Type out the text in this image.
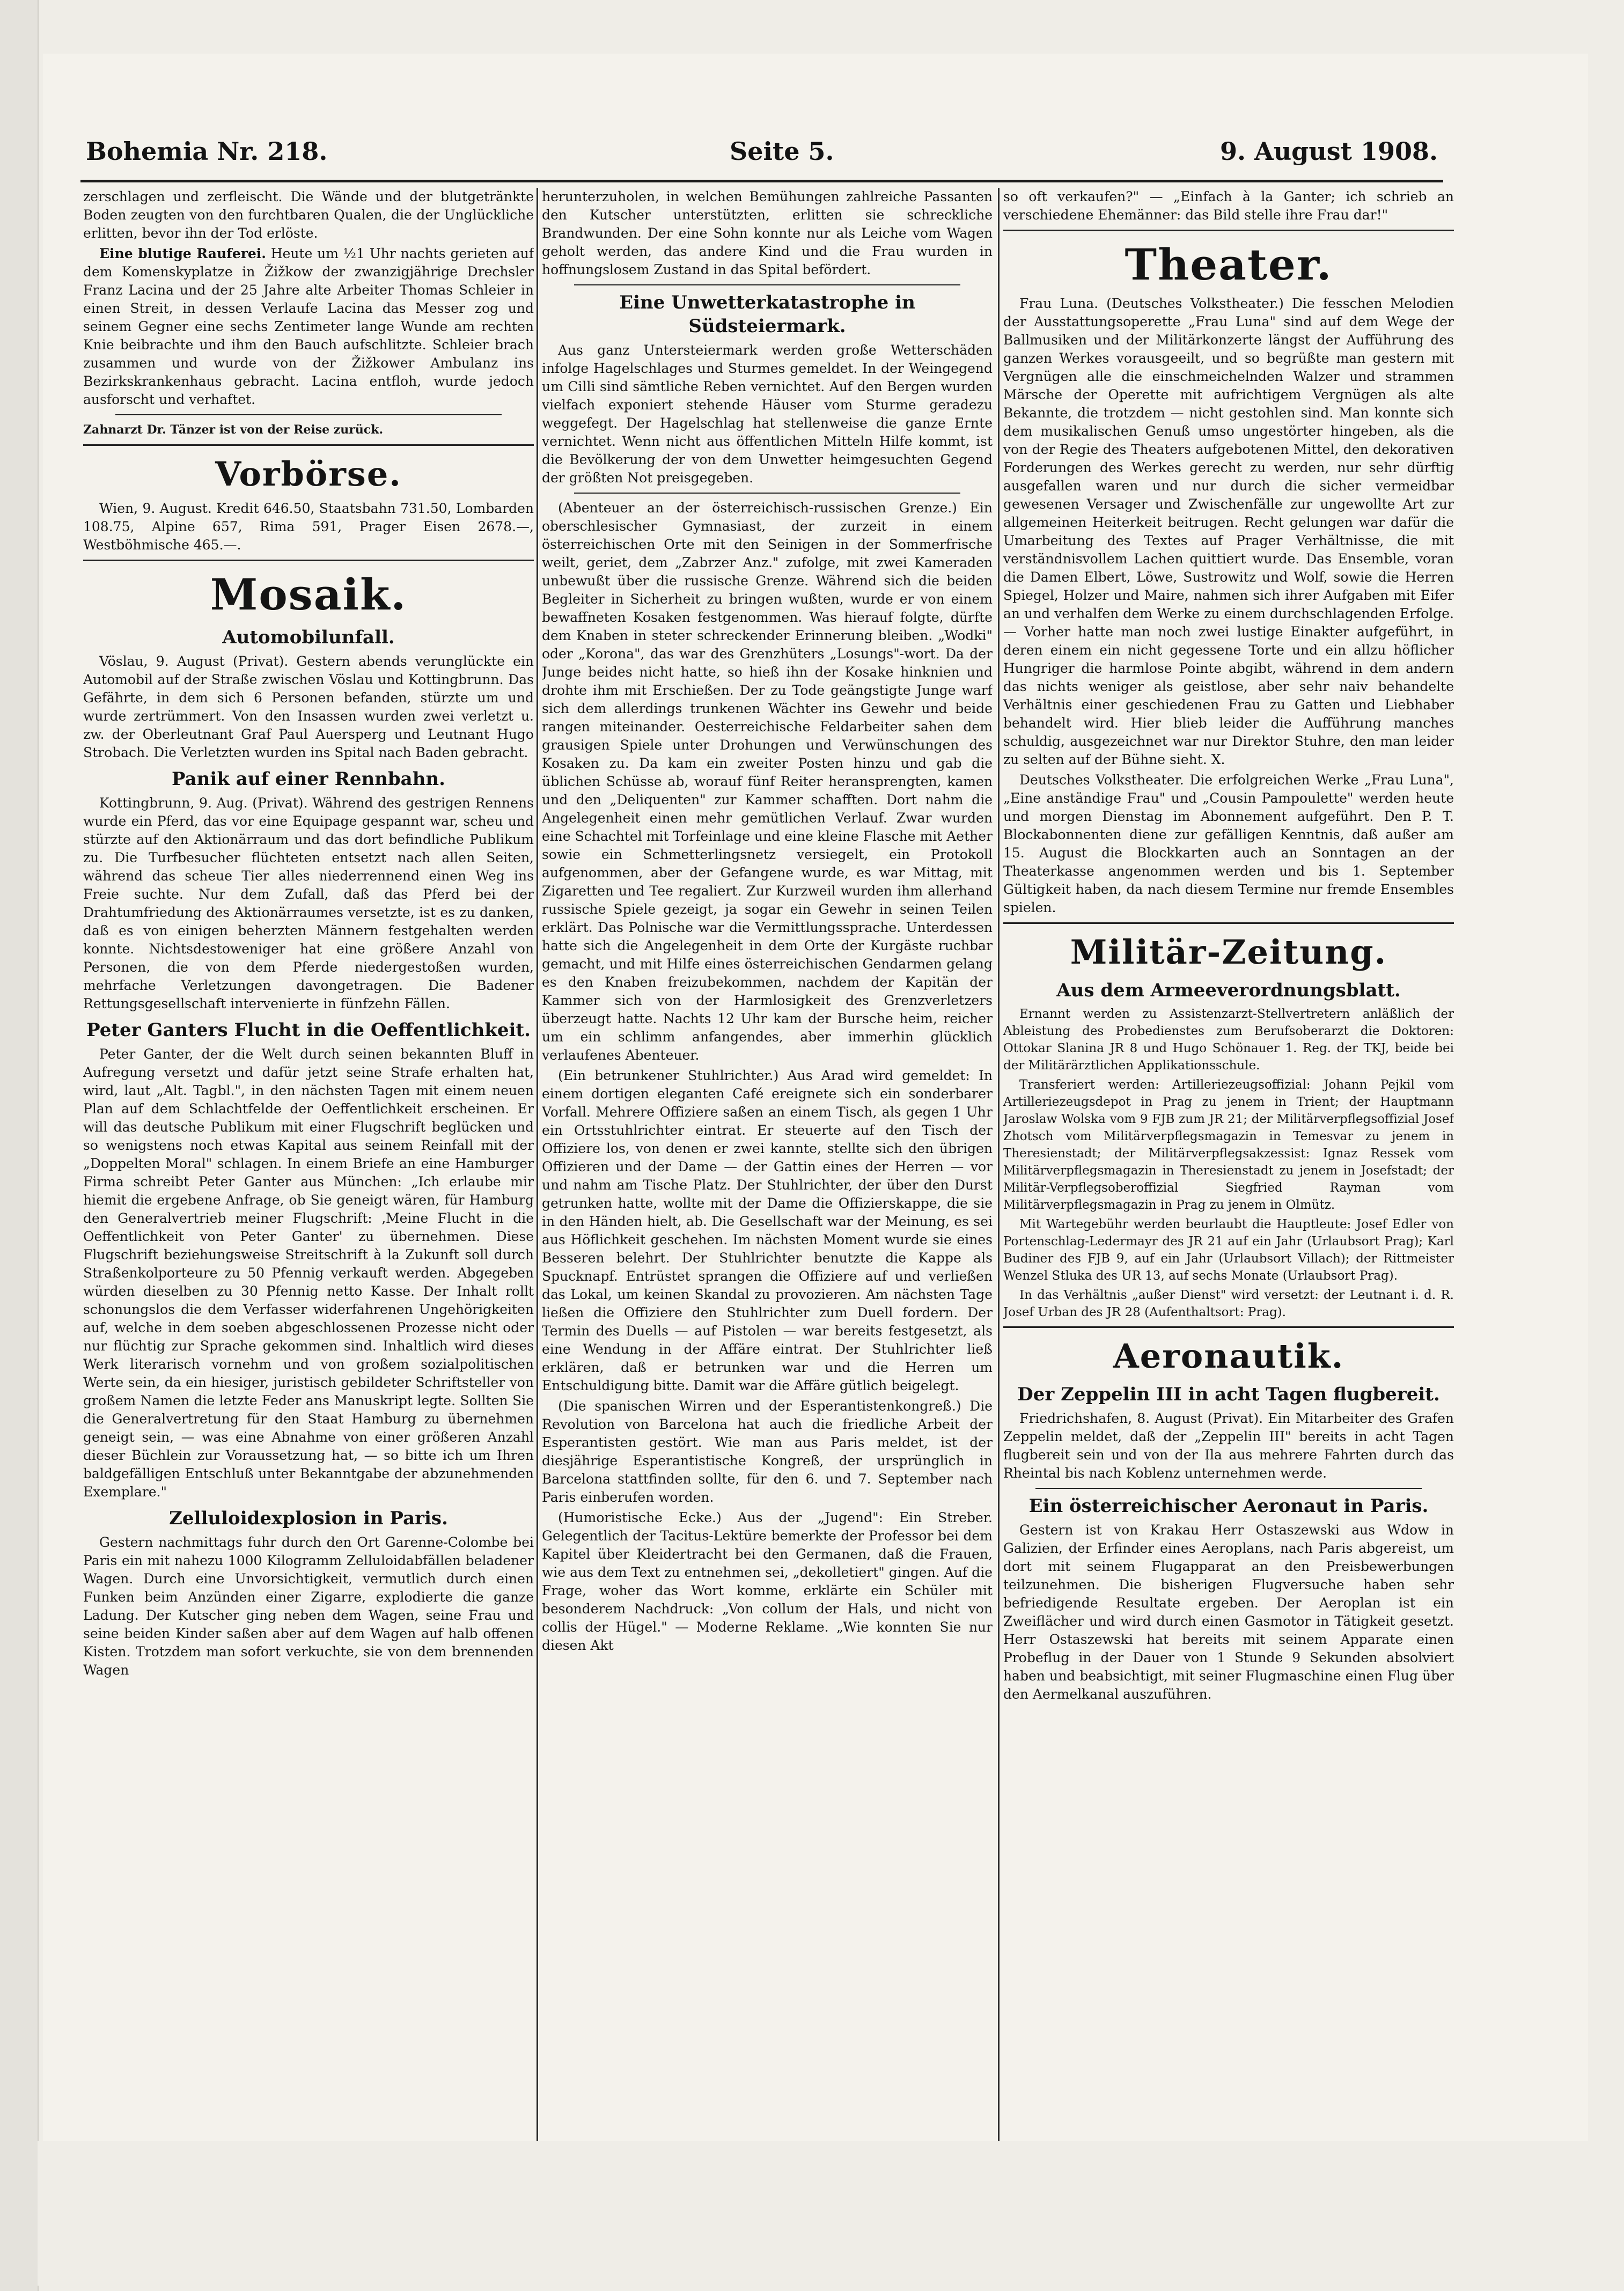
Bohemia Nr. 218.	Seite 5.	9. August 1908.

zerschlagen und zerfleischt. Die Wände und der blutgetränkte Boden zeugten von den furchtbaren Qualen, die der Unglückliche erlitten, bevor ihn der Tod erlöste.

Eine blutige Rauferei. Heute um ½1 Uhr nachts gerieten auf dem Komenskyplatze in Žižkow der zwanzigjährige Drechsler Franz Lacina und der 25 Jahre alte Arbeiter Thomas Schleier in einen Streit, in dessen Verlaufe Lacina das Messer zog und seinem Gegner eine sechs Zentimeter lange Wunde am rechten Knie beibrachte und ihm den Bauch aufschlitzte. Schleier brach zusammen und wurde von der Žižkower Ambulanz ins Bezirkskrankenhaus gebracht. Lacina entfloh, wurde jedoch ausforscht und verhaftet.

Zahnarzt Dr. Tänzer ist von der Reise zurück.

Vorbörse.

Wien, 9. August. Kredit 646.50, Staatsbahn 731.50, Lombarden 108.75, Alpine 657, Rima 591, Prager Eisen 2678.—, Westböhmische 465.—.

Mosaik.
Automobilunfall.

Vöslau, 9. August (Privat). Gestern abends verunglückte ein Automobil auf der Straße zwischen Vöslau und Kottingbrunn. Das Gefährte, in dem sich 6 Personen befanden, stürzte um und wurde zertrümmert. Von den Insassen wurden zwei verletzt u. zw. der Oberleutnant Graf Paul Auersperg und Leutnant Hugo Strobach. Die Verletzten wurden ins Spital nach Baden gebracht.

Panik auf einer Rennbahn.

Kottingbrunn, 9. Aug. (Privat). Während des gestrigen Rennens wurde ein Pferd, das vor eine Equipage gespannt war, scheu und stürzte auf den Aktionärraum und das dort befindliche Publikum zu. Die Turfbesucher flüchteten entsetzt nach allen Seiten, während das scheue Tier alles niederrennend einen Weg ins Freie suchte. Nur dem Zufall, daß das Pferd bei der Drahtumfriedung des Aktionärraumes versetzte, ist es zu danken, daß es von einigen beherzten Männern festgehalten werden konnte. Nichtsdestoweniger hat eine größere Anzahl von Personen, die von dem Pferde niedergestoßen wurden, mehrfache Verletzungen davongetragen. Die Badener Rettungsgesellschaft intervenierte in fünfzehn Fällen.

Peter Ganters Flucht in die Oeffentlichkeit.

Peter Ganter, der die Welt durch seinen bekannten Bluff in Aufregung versetzt und dafür jetzt seine Strafe erhalten hat, wird, laut „Alt. Tagbl.", in den nächsten Tagen mit einem neuen Plan auf dem Schlachtfelde der Oeffentlichkeit erscheinen. Er will das deutsche Publikum mit einer Flugschrift beglücken und so wenigstens noch etwas Kapital aus seinem Reinfall mit der „Doppelten Moral" schlagen. In einem Briefe an eine Hamburger Firma schreibt Peter Ganter aus München: „Ich erlaube mir hiemit die ergebene Anfrage, ob Sie geneigt wären, für Hamburg den Generalvertrieb meiner Flugschrift: ‚Meine Flucht in die Oeffentlichkeit von Peter Ganter' zu übernehmen. Diese Flugschrift beziehungsweise Streitschrift à la Zukunft soll durch Straßenkolporteure zu 50 Pfennig verkauft werden. Abgegeben würden dieselben zu 30 Pfennig netto Kasse. Der Inhalt rollt schonungslos die dem Verfasser widerfahrenen Ungehörigkeiten auf, welche in dem soeben abgeschlossenen Prozesse nicht oder nur flüchtig zur Sprache gekommen sind. Inhaltlich wird dieses Werk literarisch vornehm und von großem sozialpolitischen Werte sein, da ein hiesiger, juristisch gebildeter Schriftsteller von großem Namen die letzte Feder ans Manuskript legte. Sollten Sie die Generalvertretung für den Staat Hamburg zu übernehmen geneigt sein, — was eine Abnahme von einer größeren Anzahl dieser Büchlein zur Voraussetzung hat, — so bitte ich um Ihren baldgefälligen Entschluß unter Bekanntgabe der abzunehmenden Exemplare."

Zelluloidexplosion in Paris.

Gestern nachmittags fuhr durch den Ort Garenne-Colombe bei Paris ein mit nahezu 1000 Kilogramm Zelluloidabfällen beladener Wagen. Durch eine Unvorsichtigkeit, vermutlich durch einen Funken beim Anzünden einer Zigarre, explodierte die ganze Ladung. Der Kutscher ging neben dem Wagen, seine Frau und seine beiden Kinder saßen aber auf dem Wagen auf halb offenen Kisten. Trotzdem man sofort verkuchte, sie von dem brennenden Wagen

herunterzuholen, in welchen Bemühungen zahlreiche Passanten den Kutscher unterstützten, erlitten sie schreckliche Brandwunden. Der eine Sohn konnte nur als Leiche vom Wagen geholt werden, das andere Kind und die Frau wurden in hoffnungslosem Zustand in das Spital befördert.

Eine Unwetterkatastrophe in Südsteiermark.

Aus ganz Untersteiermark werden große Wetterschäden infolge Hagelschlages und Sturmes gemeldet. In der Weingegend um Cilli sind sämtliche Reben vernichtet. Auf den Bergen wurden vielfach exponiert stehende Häuser vom Sturme geradezu weggefegt. Der Hagelschlag hat stellenweise die ganze Ernte vernichtet. Wenn nicht aus öffentlichen Mitteln Hilfe kommt, ist die Bevölkerung der von dem Unwetter heimgesuchten Gegend der größten Not preisgegeben.

(Abenteuer an der österreichisch-russischen Grenze.) Ein oberschlesischer Gymnasiast, der zurzeit in einem österreichischen Orte mit den Seinigen in der Sommerfrische weilt, geriet, dem „Zabrzer Anz." zufolge, mit zwei Kameraden unbewußt über die russische Grenze. Während sich die beiden Begleiter in Sicherheit zu bringen wußten, wurde er von einem bewaffneten Kosaken festgenommen. Was hierauf folgte, dürfte dem Knaben in steter schreckender Erinnerung bleiben. „Wodki" oder „Korona", das war des Grenzhüters „Losungs"-wort. Da der Junge beides nicht hatte, so hieß ihn der Kosake hinknien und drohte ihm mit Erschießen. Der zu Tode geängstigte Junge warf sich dem allerdings trunkenen Wächter ins Gewehr und beide rangen miteinander. Oesterreichische Feldarbeiter sahen dem grausigen Spiele unter Drohungen und Verwünschungen des Kosaken zu. Da kam ein zweiter Posten hinzu und gab die üblichen Schüsse ab, worauf fünf Reiter heransprengten, kamen und den „Deliquenten" zur Kammer schafften. Dort nahm die Angelegenheit einen mehr gemütlichen Verlauf. Zwar wurden eine Schachtel mit Torfeinlage und eine kleine Flasche mit Aether sowie ein Schmetterlingsnetz versiegelt, ein Protokoll aufgenommen, aber der Gefangene wurde, es war Mittag, mit Zigaretten und Tee regaliert. Zur Kurzweil wurden ihm allerhand russische Spiele gezeigt, ja sogar ein Gewehr in seinen Teilen erklärt. Das Polnische war die Vermittlungssprache. Unterdessen hatte sich die Angelegenheit in dem Orte der Kurgäste ruchbar gemacht, und mit Hilfe eines österreichischen Gendarmen gelang es den Knaben freizubekommen, nachdem der Kapitän der Kammer sich von der Harmlosigkeit des Grenzverletzers überzeugt hatte. Nachts 12 Uhr kam der Bursche heim, reicher um ein schlimm anfangendes, aber immerhin glücklich verlaufenes Abenteuer.

(Ein betrunkener Stuhlrichter.) Aus Arad wird gemeldet: In einem dortigen eleganten Café ereignete sich ein sonderbarer Vorfall. Mehrere Offiziere saßen an einem Tisch, als gegen 1 Uhr ein Ortsstuhlrichter eintrat. Er steuerte auf den Tisch der Offiziere los, von denen er zwei kannte, stellte sich den übrigen Offizieren und der Dame — der Gattin eines der Herren — vor und nahm am Tische Platz. Der Stuhlrichter, der über den Durst getrunken hatte, wollte mit der Dame die Offizierskappe, die sie in den Händen hielt, ab. Die Gesellschaft war der Meinung, es sei aus Höflichkeit geschehen. Im nächsten Moment wurde sie eines Besseren belehrt. Der Stuhlrichter benutzte die Kappe als Spucknapf. Entrüstet sprangen die Offiziere auf und verließen das Lokal, um keinen Skandal zu provozieren. Am nächsten Tage ließen die Offiziere den Stuhlrichter zum Duell fordern. Der Termin des Duells — auf Pistolen — war bereits festgesetzt, als eine Wendung in der Affäre eintrat. Der Stuhlrichter ließ erklären, daß er betrunken war und die Herren um Entschuldigung bitte. Damit war die Affäre gütlich beigelegt.

(Die spanischen Wirren und der Esperantistenkongreß.) Die Revolution von Barcelona hat auch die friedliche Arbeit der Esperantisten gestört. Wie man aus Paris meldet, ist der diesjährige Esperantistische Kongreß, der ursprünglich in Barcelona stattfinden sollte, für den 6. und 7. September nach Paris einberufen worden.

(Humoristische Ecke.) Aus der „Jugend": Ein Streber. Gelegentlich der Tacitus-Lektüre bemerkte der Professor bei dem Kapitel über Kleidertracht bei den Germanen, daß die Frauen, wie aus dem Text zu entnehmen sei, „dekolletiert" gingen. Auf die Frage, woher das Wort komme, erklärte ein Schüler mit besonderem Nachdruck: „Von collum der Hals, und nicht von collis der Hügel." — Moderne Reklame. „Wie konnten Sie nur diesen Akt

so oft verkaufen?" — „Einfach à la Ganter; ich schrieb an verschiedene Ehemänner: das Bild stelle ihre Frau dar!"

Theater.

Frau Luna. (Deutsches Volkstheater.) Die fesschen Melodien der Ausstattungsoperette „Frau Luna" sind auf dem Wege der Ballmusiken und der Militärkonzerte längst der Aufführung des ganzen Werkes vorausgeeilt, und so begrüßte man gestern mit Vergnügen alle die einschmeichelnden Walzer und strammen Märsche der Operette mit aufrichtigem Vergnügen als alte Bekannte, die trotzdem — nicht gestohlen sind. Man konnte sich dem musikalischen Genuß umso ungestörter hingeben, als die von der Regie des Theaters aufgebotenen Mittel, den dekorativen Forderungen des Werkes gerecht zu werden, nur sehr dürftig ausgefallen waren und nur durch die sicher vermeidbar gewesenen Versager und Zwischenfälle zur ungewollte Art zur allgemeinen Heiterkeit beitrugen. Recht gelungen war dafür die Umarbeitung des Textes auf Prager Verhältnisse, die mit verständnisvollem Lachen quittiert wurde. Das Ensemble, voran die Damen Elbert, Löwe, Sustrowitz und Wolf, sowie die Herren Spiegel, Holzer und Maire, nahmen sich ihrer Aufgaben mit Eifer an und verhalfen dem Werke zu einem durchschlagenden Erfolge. — Vorher hatte man noch zwei lustige Einakter aufgeführt, in deren einem ein nicht gegessene Torte und ein allzu höflicher Hungriger die harmlose Pointe abgibt, während in dem andern das nichts weniger als geistlose, aber sehr naiv behandelte Verhältnis einer geschiedenen Frau zu Gatten und Liebhaber behandelt wird. Hier blieb leider die Aufführung manches schuldig, ausgezeichnet war nur Direktor Stuhre, den man leider zu selten auf der Bühne sieht. X.

Deutsches Volkstheater. Die erfolgreichen Werke „Frau Luna", „Eine anständige Frau" und „Cousin Pampoulette" werden heute und morgen Dienstag im Abonnement aufgeführt. Den P. T. Blockabonnenten diene zur gefälligen Kenntnis, daß außer am 15. August die Blockkarten auch an Sonntagen an der Theaterkasse angenommen werden und bis 1. September Gültigkeit haben, da nach diesem Termine nur fremde Ensembles spielen.

Militär-Zeitung.
Aus dem Armeeverordnungsblatt.

Ernannt werden zu Assistenzarzt-Stellvertretern anläßlich der Ableistung des Probedienstes zum Berufsoberarzt die Doktoren: Ottokar Slanina JR 8 und Hugo Schönauer 1. Reg. der TKJ, beide bei der Militärärztlichen Applikationsschule.

Transferiert werden: Artilleriezeugsoffizial: Johann Pejkil vom Artilleriezeugsdepot in Prag zu jenem in Trient; der Hauptmann Jaroslaw Wolska vom 9 FJB zum JR 21; der Militärverpflegsoffizial Josef Zhotsch vom Militärverpflegsmagazin in Temesvar zu jenem in Theresienstadt; der Militärverpflegsakzessist: Ignaz Ressek vom Militärverpflegsmagazin in Theresienstadt zu jenem in Josefstadt; der Militär-Verpflegsoberoffizial Siegfried Rayman vom Militärverpflegsmagazin in Prag zu jenem in Olmütz.

Mit Wartegebühr werden beurlaubt die Hauptleute: Josef Edler von Portenschlag-Ledermayr des JR 21 auf ein Jahr (Urlaubsort Prag); Karl Budiner des FJB 9, auf ein Jahr (Urlaubsort Villach); der Rittmeister Wenzel Stluka des UR 13, auf sechs Monate (Urlaubsort Prag).

In das Verhältnis „außer Dienst" wird versetzt: der Leutnant i. d. R. Josef Urban des JR 28 (Aufenthaltsort: Prag).

Aeronautik.
Der Zeppelin III in acht Tagen flugbereit.

Friedrichshafen, 8. August (Privat). Ein Mitarbeiter des Grafen Zeppelin meldet, daß der „Zeppelin III" bereits in acht Tagen flugbereit sein und von der Ila aus mehrere Fahrten durch das Rheintal bis nach Koblenz unternehmen werde.

Ein österreichischer Aeronaut in Paris.

Gestern ist von Krakau Herr Ostaszewski aus Wdow in Galizien, der Erfinder eines Aeroplans, nach Paris abgereist, um dort mit seinem Flugapparat an den Preisbewerbungen teilzunehmen. Die bisherigen Flugversuche haben sehr befriedigende Resultate ergeben. Der Aeroplan ist ein Zweiflächer und wird durch einen Gasmotor in Tätigkeit gesetzt. Herr Ostaszewski hat bereits mit seinem Apparate einen Probeflug in der Dauer von 1 Stunde 9 Sekunden absolviert haben und beabsichtigt, mit seiner Flugmaschine einen Flug über den Aermelkanal auszuführen.
